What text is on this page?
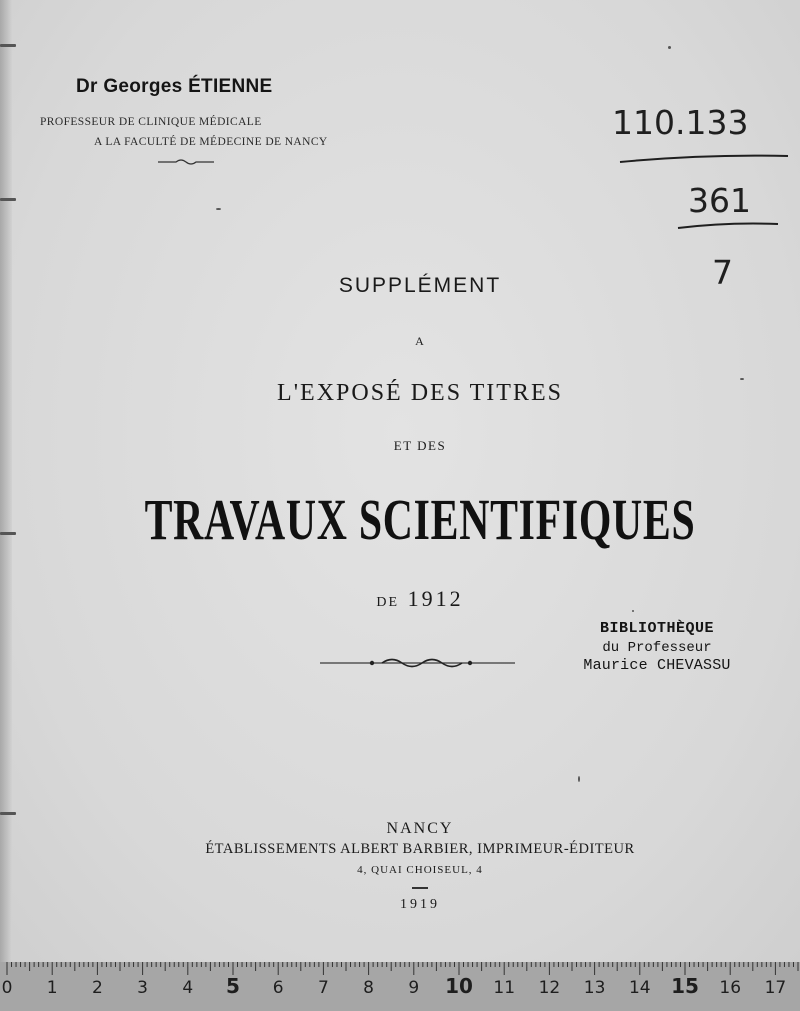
Dr Georges ÉTIENNE
PROFESSEUR DE CLINIQUE MÉDICALE
A LA FACULTÉ DE MÉDECINE DE NANCY	110.133
361
7
SUPPLÉMENT
A
L'EXPOSÉ DES TITRES
ET DES
TRAVAUX SCIENTIFIQUES
DE 1912
BIBLIOTHÈQUE
du Professeur
Maurice CHEVASSU
NANCY
ÉTABLISSEMENTS ALBERT BARBIER, IMPRIMEUR-ÉDITEUR
4, QUAI CHOISEUL, 4
1919
0 1 2 3 4 5 6 7 8 9 10 11 12 13 14 15 16 17
